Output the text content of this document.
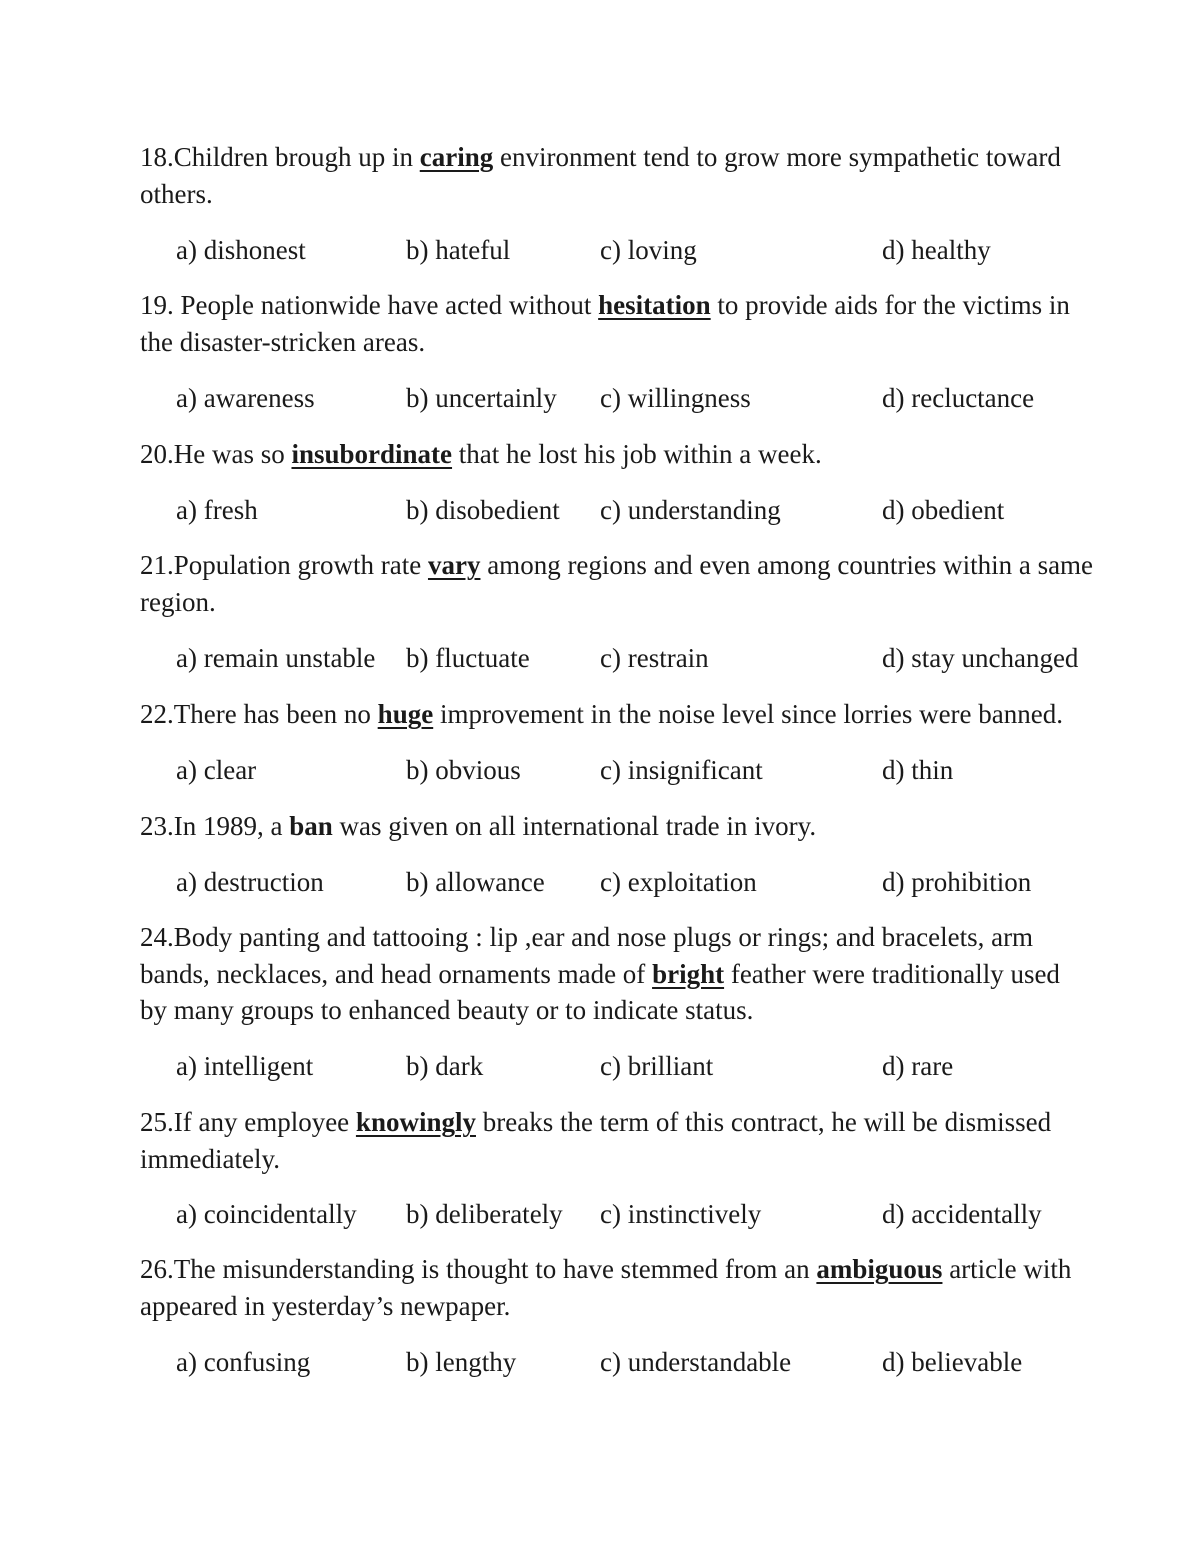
18.Children brough up in caring environment tend to grow more sympathetic toward others.

a) dishonest	b) hateful	c) loving	d) healthy

19. People nationwide have acted without hesitation to provide aids for the victims in the disaster-stricken areas.

a) awareness	b) uncertainly c) willingness	d) recluctance

20.He was so insubordinate that he lost his job within a week.

a) fresh	b) disobedient c) understanding	d) obedient

21.Population growth rate vary among regions and even among countries within a same region.

a) remain unstable b) fluctuate	c) restrain	d) stay unchanged

22.There has been no huge improvement in the noise level since lorries were banned.

a) clear	b) obvious	c) insignificant	d) thin

23.In 1989, a ban was given on all international trade in ivory.

a) destruction	b) allowance c) exploitation	d) prohibition

24.Body panting and tattooing : lip ,ear and nose plugs or rings; and bracelets, arm bands, necklaces, and head ornaments made of bright feather were traditionally used by many groups to enhanced beauty or to indicate status.

a) intelligent	b) dark	c) brilliant	d) rare

25.If any employee knowingly breaks the term of this contract, he will be dismissed immediately.

a) coincidentally b) deliberately c) instinctively	d) accidentally

26.The misunderstanding is thought to have stemmed from an ambiguous article with appeared in yesterday’s newpaper.

a) confusing	b) lengthy	c) understandable	d) believable
